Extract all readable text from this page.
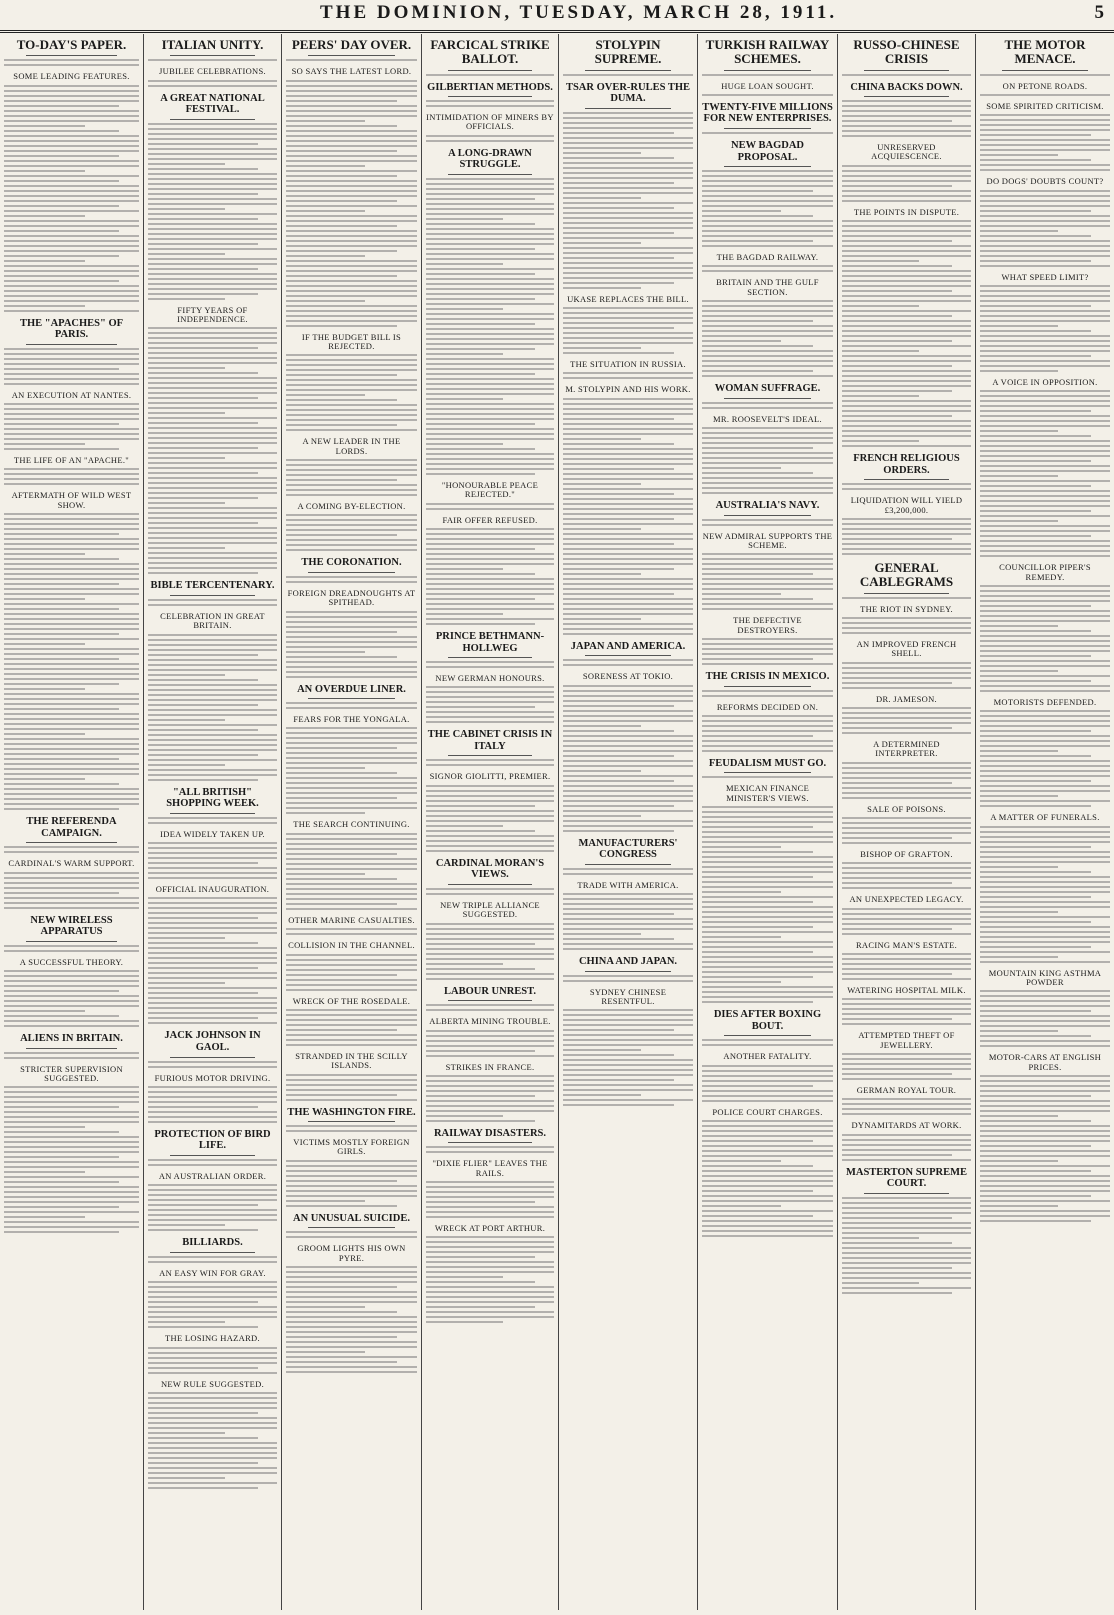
THE DOMINION, TUESDAY, MARCH 28, 1911.	5
TO-DAY'S PAPER.
SOME LEADING FEATURES.
THE "APACHES" OF PARIS.
AN EXECUTION AT NANTES.
THE LIFE OF AN "APACHE."
AFTERMATH OF WILD WEST SHOW.
THE REFERENDA CAMPAIGN.
CARDINAL'S WARM SUPPORT.
NEW WIRELESS APPARATUS
A SUCCESSFUL THEORY.
ALIENS IN BRITAIN.
STRICTER SUPERVISION SUGGESTED.
ITALIAN UNITY.
JUBILEE CELEBRATIONS.
A GREAT NATIONAL FESTIVAL.
FIFTY YEARS OF INDEPENDENCE.
BIBLE TERCENTENARY.
CELEBRATION IN GREAT BRITAIN.
"ALL BRITISH" SHOPPING WEEK.
IDEA WIDELY TAKEN UP.
OFFICIAL INAUGURATION.
JACK JOHNSON IN GAOL.
FURIOUS MOTOR DRIVING.
PROTECTION OF BIRD LIFE.
AN AUSTRALIAN ORDER.
BILLIARDS.
AN EASY WIN FOR GRAY.
THE LOSING HAZARD.
NEW RULE SUGGESTED.
PEERS' DAY OVER.
SO SAYS THE LATEST LORD.
IF THE BUDGET BILL IS REJECTED.
A NEW LEADER IN THE LORDS.
A COMING BY-ELECTION.
THE CORONATION.
FOREIGN DREADNOUGHTS AT SPITHEAD.
AN OVERDUE LINER.
FEARS FOR THE YONGALA.
THE SEARCH CONTINUING.
OTHER MARINE CASUALTIES.
COLLISION IN THE CHANNEL.
WRECK OF THE ROSEDALE.
STRANDED IN THE SCILLY ISLANDS.
THE WASHINGTON FIRE.
VICTIMS MOSTLY FOREIGN GIRLS.
AN UNUSUAL SUICIDE.
GROOM LIGHTS HIS OWN PYRE.
FARCICAL STRIKE BALLOT.
GILBERTIAN METHODS.
INTIMIDATION OF MINERS BY OFFICIALS.
A LONG-DRAWN STRUGGLE.
"HONOURABLE PEACE REJECTED."
FAIR OFFER REFUSED.
PRINCE BETHMANN-HOLLWEG
NEW GERMAN HONOURS.
THE CABINET CRISIS IN ITALY
SIGNOR GIOLITTI, PREMIER.
CARDINAL MORAN'S VIEWS.
NEW TRIPLE ALLIANCE SUGGESTED.
LABOUR UNREST.
ALBERTA MINING TROUBLE.
STRIKES IN FRANCE.
RAILWAY DISASTERS.
"DIXIE FLIER" LEAVES THE RAILS.
WRECK AT PORT ARTHUR.
STOLYPIN SUPREME.
TSAR OVER-RULES THE DUMA.
UKASE REPLACES THE BILL.
THE SITUATION IN RUSSIA.
M. STOLYPIN AND HIS WORK.
JAPAN AND AMERICA.
SORENESS AT TOKIO.
MANUFACTURERS' CONGRESS
TRADE WITH AMERICA.
CHINA AND JAPAN.
SYDNEY CHINESE RESENTFUL.
TURKISH RAILWAY SCHEMES.
HUGE LOAN SOUGHT.
TWENTY-FIVE MILLIONS FOR NEW ENTERPRISES.
NEW BAGDAD PROPOSAL.
THE BAGDAD RAILWAY.
BRITAIN AND THE GULF SECTION.
WOMAN SUFFRAGE.
MR. ROOSEVELT'S IDEAL.
AUSTRALIA'S NAVY.
NEW ADMIRAL SUPPORTS THE SCHEME.
THE DEFECTIVE DESTROYERS.
THE CRISIS IN MEXICO.
REFORMS DECIDED ON.
FEUDALISM MUST GO.
MEXICAN FINANCE MINISTER'S VIEWS.
DIES AFTER BOXING BOUT.
ANOTHER FATALITY.
POLICE COURT CHARGES.
RUSSO-CHINESE CRISIS
CHINA BACKS DOWN.
UNRESERVED ACQUIESCENCE.
THE POINTS IN DISPUTE.
FRENCH RELIGIOUS ORDERS.
LIQUIDATION WILL YIELD £3,200,000.
GENERAL CABLEGRAMS
THE RIOT IN SYDNEY.
AN IMPROVED FRENCH SHELL.
DR. JAMESON.
A DETERMINED INTERPRETER.
SALE OF POISONS.
BISHOP OF GRAFTON.
AN UNEXPECTED LEGACY.
RACING MAN'S ESTATE.
WATERING HOSPITAL MILK.
ATTEMPTED THEFT OF JEWELLERY.
GERMAN ROYAL TOUR.
DYNAMITARDS AT WORK.
MASTERTON SUPREME COURT.
THE MOTOR MENACE.
ON PETONE ROADS.
SOME SPIRITED CRITICISM.
DO DOGS' DOUBTS COUNT?
WHAT SPEED LIMIT?
A VOICE IN OPPOSITION.
COUNCILLOR PIPER'S REMEDY.
MOTORISTS DEFENDED.
A MATTER OF FUNERALS.
MOUNTAIN KING ASTHMA POWDER
MOTOR-CARS AT ENGLISH PRICES.
